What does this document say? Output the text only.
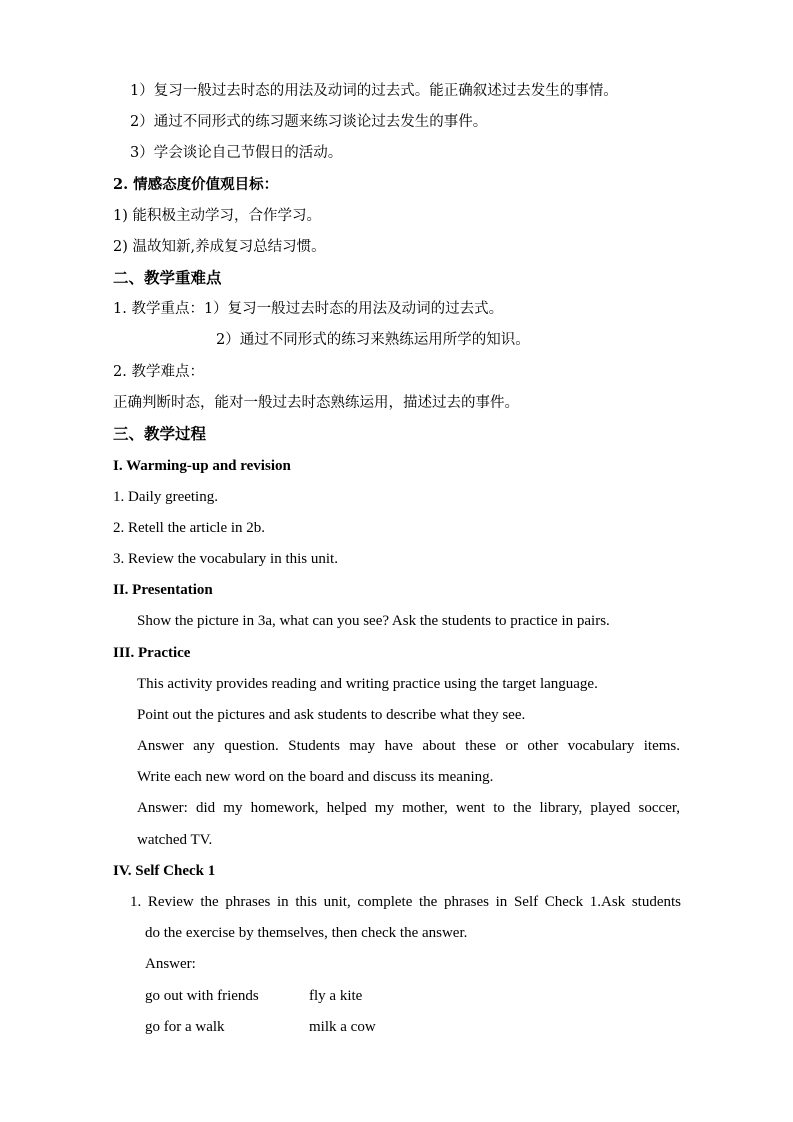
1）复习一般过去时态的用法及动词的过去式。能正确叙述过去发生的事情。
2）通过不同形式的练习题来练习谈论过去发生的事件。
3）学会谈论自己节假日的活动。
2. 情感态度价值观目标：
1) 能积极主动学习，合作学习。
2) 温故知新,养成复习总结习惯。
二、教学重难点
1. 教学重点：1）复习一般过去时态的用法及动词的过去式。
2）通过不同形式的练习来熟练运用所学的知识。
2. 教学难点：
正确判断时态，能对一般过去时态熟练运用，描述过去的事件。
三、教学过程
I. Warming-up and revision
1. Daily greeting.
2. Retell the article in 2b.
3. Review the vocabulary in this unit.
II. Presentation
Show the picture in 3a, what can you see? Ask the students to practice in pairs.
III. Practice
This activity provides reading and writing practice using the target language.
Point out the pictures and ask students to describe what they see.
Answer any question. Students may have about these or other vocabulary items.
Write each new word on the board and discuss its meaning.
Answer: did my homework, helped my mother, went to the library, played soccer,
watched TV.
IV. Self Check 1
1. Review the phrases in this unit, complete the phrases in Self Check 1.Ask students
do the exercise by themselves, then check the answer.
Answer:
go out with friends	fly a kite
go for a walk	milk a cow
